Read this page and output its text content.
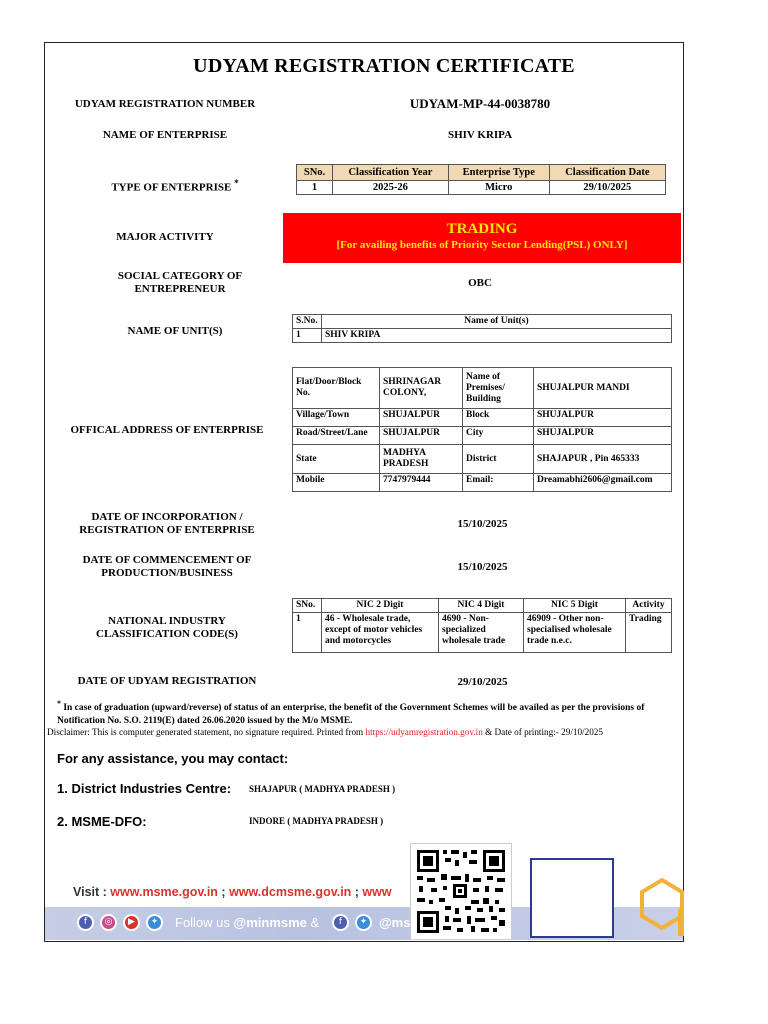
UDYAM REGISTRATION CERTIFICATE
UDYAM REGISTRATION NUMBER	UDYAM-MP-44-0038780
NAME OF ENTERPRISE	SHIV KRIPA
TYPE OF ENTERPRISE *
SNo.	Classification Year	Enterprise Type	Classification Date
1	2025-26	Micro	29/10/2025
MAJOR ACTIVITY	TRADING
[For availing benefits of Priority Sector Lending(PSL) ONLY]
SOCIAL CATEGORY OF
ENTREPRENEUR	OBC
NAME OF UNIT(S)
S.No.	Name of Unit(s)
1	SHIV KRIPA
OFFICAL ADDRESS OF ENTERPRISE
Flat/Door/Block No.	SHRINAGAR COLONY,	Name of Premises/ Building	SHUJALPUR MANDI
Village/Town	SHUJALPUR	Block	SHUJALPUR
Road/Street/Lane	SHUJALPUR	City	SHUJALPUR
State	MADHYA PRADESH	District	SHAJAPUR , Pin 465333
Mobile	7747979444	Email:	Dreamabhi2606@gmail.com
DATE OF INCORPORATION /
REGISTRATION OF ENTERPRISE	15/10/2025
DATE OF COMMENCEMENT OF
PRODUCTION/BUSINESS	15/10/2025
NATIONAL INDUSTRY
CLASSIFICATION CODE(S)
SNo.	NIC 2 Digit	NIC 4 Digit	NIC 5 Digit	Activity
1	46 - Wholesale trade, except of motor vehicles and motorcycles	4690 - Non-specialized wholesale trade	46909 - Other non-specialised wholesale trade n.e.c.	Trading
DATE OF UDYAM REGISTRATION	29/10/2025
* In case of graduation (upward/reverse) of status of an enterprise, the benefit of the Government Schemes will be availed as per the provisions of Notification No. S.O. 2119(E) dated 26.06.2020 issued by the M/o MSME.
Disclaimer: This is computer generated statement, no signature required. Printed from https://udyamregistration.gov.in & Date of printing:- 29/10/2025
For any assistance, you may contact:
1. District Industries Centre: SHAJAPUR ( MADHYA PRADESH )
2. MSME-DFO:	INDORE ( MADHYA PRADESH )
Visit : www.msme.gov.in ; www.dcmsme.gov.in ; www
f	◎	▶	✦	Follow us @minmsme &	f	✦ @ms
